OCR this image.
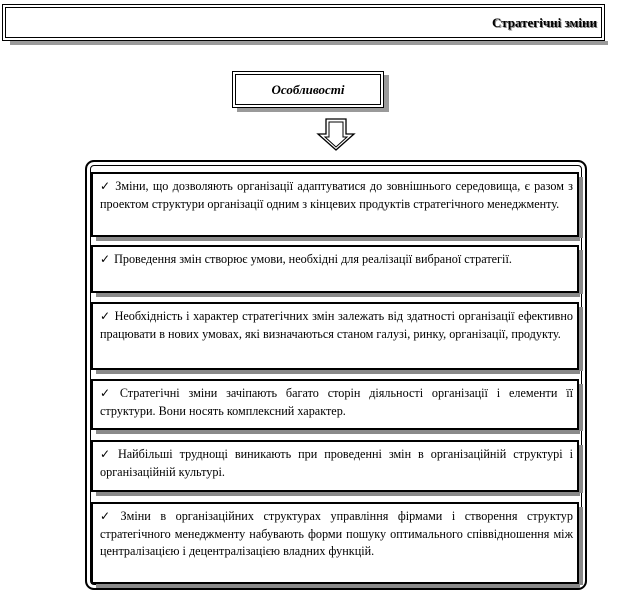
Стратегічні зміни
Особливості
✓ Зміни, що дозволяють організації адаптуватися до зовнішнього середовища, є разом з проектом структури організації одним з кінцевих продуктів стратегічного менеджменту.
✓ Проведення змін створює умови, необхідні для реалізації вибраної стратегії.
✓ Необхідність і характер стратегічних змін залежать від здатності організації ефективно працювати в нових умовах, які визначаються станом галузі, ринку, організації, продукту.
✓ Стратегічні зміни зачіпають багато сторін діяльності організації і елементи її структури. Вони носять комплексний характер.
✓ Найбільші труднощі виникають при проведенні змін в організаційній структурі і організаційній культурі.
✓ Зміни в організаційних структурах управління фірмами і створення структур стратегічного менеджменту набувають форми пошуку оптимального співвідношення між централізацією і децентралізацією владних функцій.
